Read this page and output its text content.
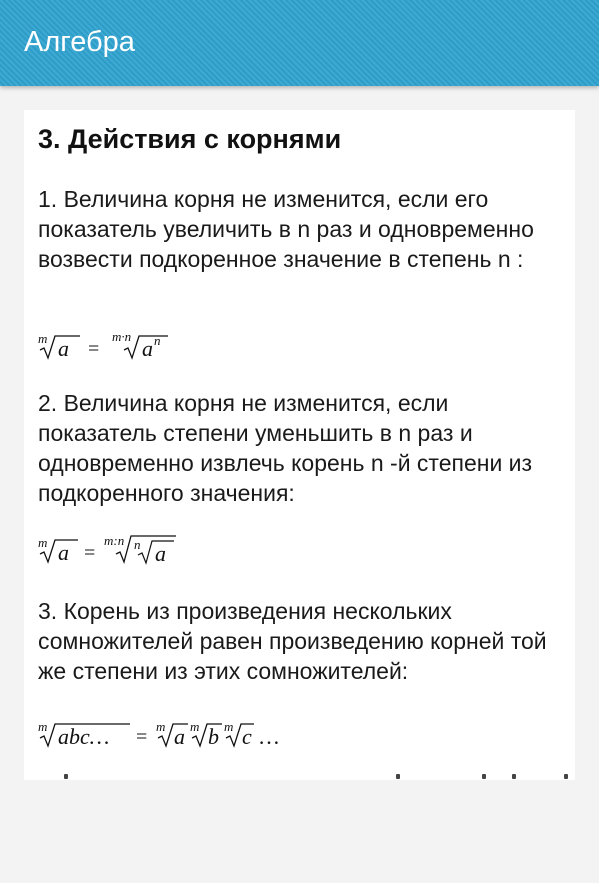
Алгебра
3. Действия с корнями

1. Величина корня не изменится, если его показатель увеличить в n раз и одновременно возвести подкоренное значение в степень n :

m a =
m·n a n

2. Величина корня не изменится, если показатель степени уменьшить в n раз и одновременно извлечь корень n -й степени из подкоренного значения:

m a =
m:n n a

3. Корень из произведения нескольких сомножителей равен произведению корней той же степени из этих сомножителей:

m abc… = m a m b m c …
